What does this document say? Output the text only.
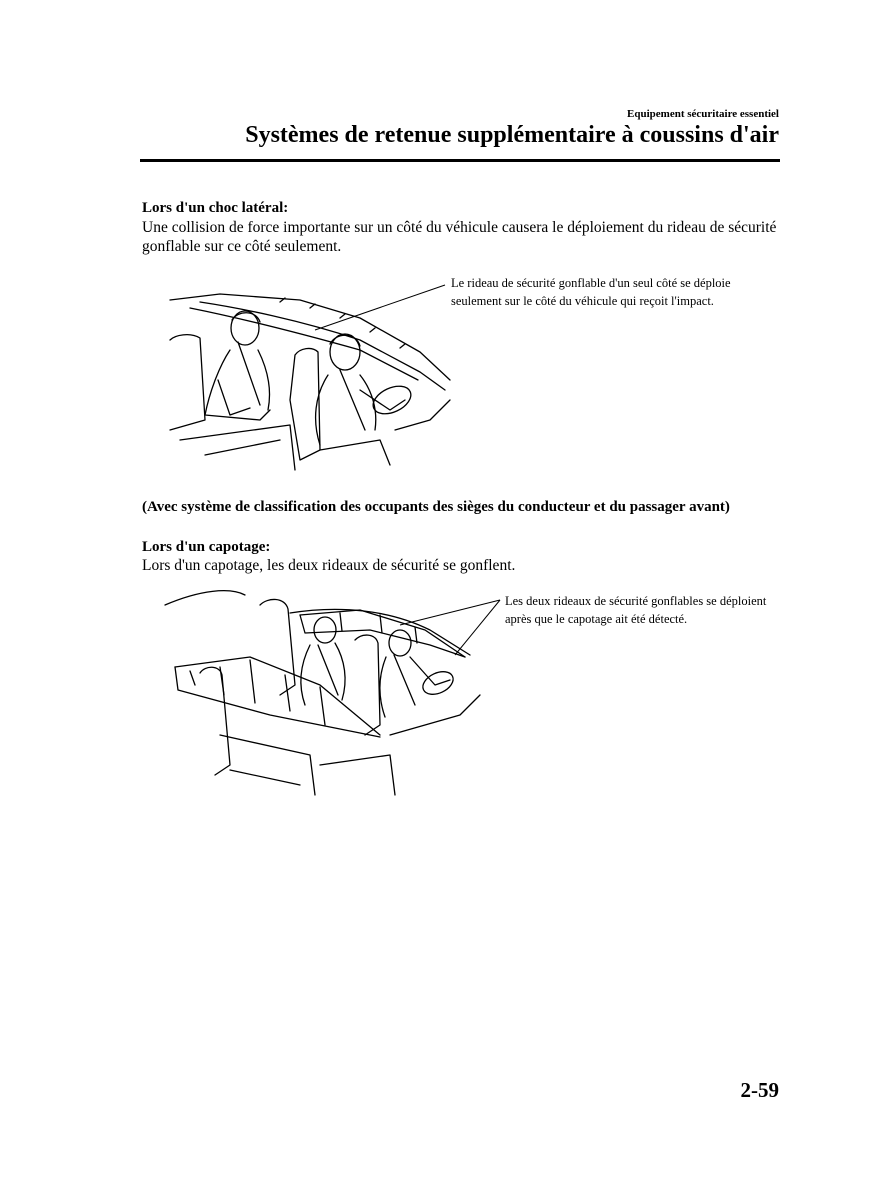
Equipement sécuritaire essentiel
Systèmes de retenue supplémentaire à coussins d'air
Lors d'un choc latéral:
Une collision de force importante sur un côté du véhicule causera le déploiement du rideau de sécurité gonflable sur ce côté seulement.
Le rideau de sécurité gonflable d'un seul côté se déploie seulement sur le côté du véhicule qui reçoit l'impact.
(Avec système de classification des occupants des sièges du conducteur et du passager avant)
Lors d'un capotage:
Lors d'un capotage, les deux rideaux de sécurité se gonflent.
Les deux rideaux de sécurité gonflables se déploient après que le capotage ait été détecté.
2-59
